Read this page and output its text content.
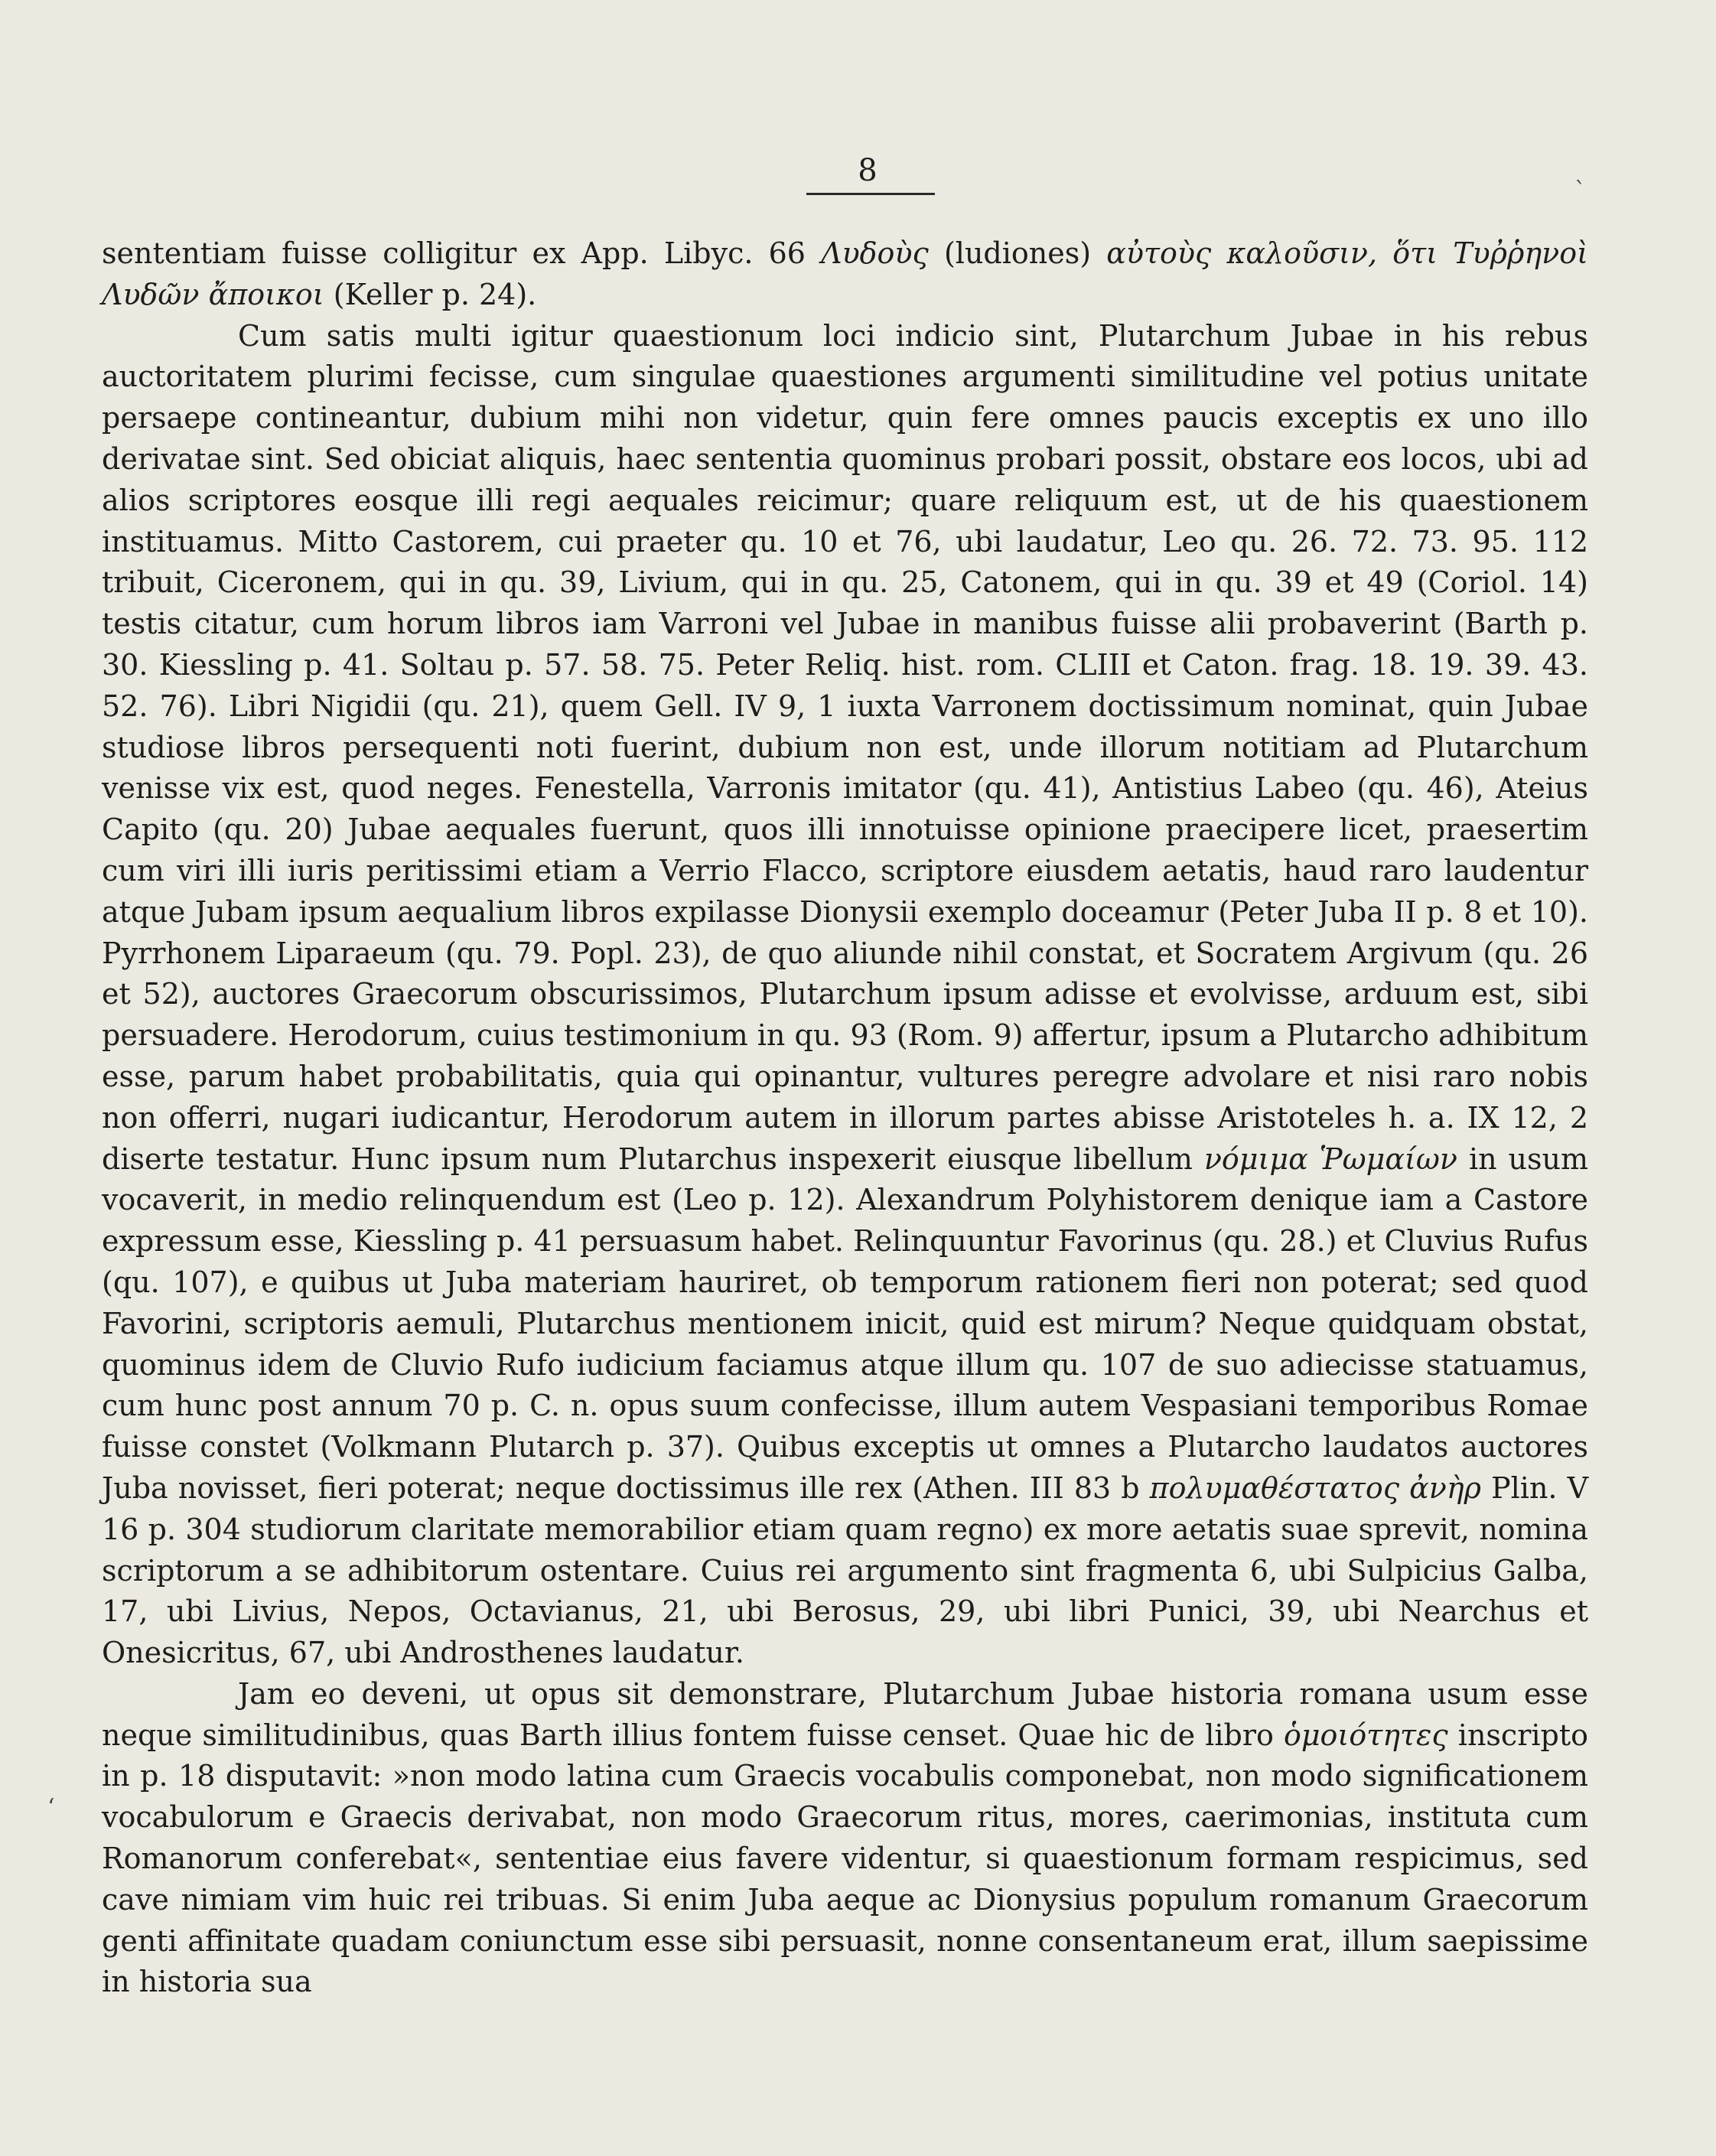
8

sententiam fuisse colligitur ex App. Libyc. 66 Λυδοὺς (ludiones) αὐτοὺς καλοῦσιν, ὅτι Τυῤῥηνοὶ Λυδῶν ἄποικοι (Keller p. 24).

Cum satis multi igitur quaestionum loci indicio sint, Plutarchum Jubae in his rebus auctoritatem plurimi fecisse, cum singulae quaestiones argumenti similitudine vel potius unitate persaepe contineantur, dubium mihi non videtur, quin fere omnes paucis exceptis ex uno illo derivatae sint. Sed obiciat aliquis, haec sententia quominus probari possit, obstare eos locos, ubi ad alios scriptores eosque illi regi aequales reicimur; quare reliquum est, ut de his quaestionem instituamus. Mitto Castorem, cui praeter qu. 10 et 76, ubi laudatur, Leo qu. 26. 72. 73. 95. 112 tribuit, Ciceronem, qui in qu. 39, Livium, qui in qu. 25, Catonem, qui in qu. 39 et 49 (Coriol. 14) testis citatur, cum horum libros iam Varroni vel Jubae in manibus fuisse alii probaverint (Barth p. 30. Kiessling p. 41. Soltau p. 57. 58. 75. Peter Reliq. hist. rom. CLIII et Caton. frag. 18. 19. 39. 43. 52. 76). Libri Nigidii (qu. 21), quem Gell. IV 9, 1 iuxta Varronem doctissimum nominat, quin Jubae studiose libros persequenti noti fuerint, dubium non est, unde illorum notitiam ad Plutarchum venisse vix est, quod neges. Fenestella, Varronis imitator (qu. 41), Antistius Labeo (qu. 46), Ateius Capito (qu. 20) Jubae aequales fuerunt, quos illi innotuisse opinione praecipere licet, praesertim cum viri illi iuris peritissimi etiam a Verrio Flacco, scriptore eiusdem aetatis, haud raro laudentur atque Jubam ipsum aequalium libros expilasse Dionysii exemplo doceamur (Peter Juba II p. 8 et 10). Pyrrhonem Liparaeum (qu. 79. Popl. 23), de quo aliunde nihil constat, et Socratem Argivum (qu. 26 et 52), auctores Graecorum obscurissimos, Plutarchum ipsum adisse et evolvisse, arduum est, sibi persuadere. Herodorum, cuius testimonium in qu. 93 (Rom. 9) affertur, ipsum a Plutarcho adhibitum esse, parum habet probabilitatis, quia qui opinantur, vultures peregre advolare et nisi raro nobis non offerri, nugari iudicantur, Herodorum autem in illorum partes abisse Aristoteles h. a. IX 12, 2 diserte testatur. Hunc ipsum num Plutarchus inspexerit eiusque libellum νόμιμα Ῥωμαίων in usum vocaverit, in medio relinquendum est (Leo p. 12). Alexandrum Polyhistorem denique iam a Castore expressum esse, Kiessling p. 41 persuasum habet. Relinquuntur Favorinus (qu. 28.) et Cluvius Rufus (qu. 107), e quibus ut Juba materiam hauriret, ob temporum rationem fieri non poterat; sed quod Favorini, scriptoris aemuli, Plutarchus mentionem inicit, quid est mirum? Neque quidquam obstat, quominus idem de Cluvio Rufo iudicium faciamus atque illum qu. 107 de suo adiecisse statuamus, cum hunc post annum 70 p. C. n. opus suum confecisse, illum autem Vespasiani temporibus Romae fuisse constet (Volkmann Plutarch p. 37). Quibus exceptis ut omnes a Plutarcho laudatos auctores Juba novisset, fieri poterat; neque doctissimus ille rex (Athen. III 83 b πολυμαθέστατος ἀνὴρ Plin. V 16 p. 304 studiorum claritate memorabilior etiam quam regno) ex more aetatis suae sprevit, nomina scriptorum a se adhibitorum ostentare. Cuius rei argumento sint fragmenta 6, ubi Sulpicius Galba, 17, ubi Livius, Nepos, Octavianus, 21, ubi Berosus, 29, ubi libri Punici, 39, ubi Nearchus et Onesicritus, 67, ubi Androsthenes laudatur.

Jam eo deveni, ut opus sit demonstrare, Plutarchum Jubae historia romana usum esse neque similitudinibus, quas Barth illius fontem fuisse censet. Quae hic de libro ὁμοιότητες inscripto in p. 18 disputavit: »non modo latina cum Graecis vocabulis componebat, non modo significationem vocabulorum e Graecis derivabat, non modo Graecorum ritus, mores, caerimonias, instituta cum Romanorum conferebat«, sententiae eius favere videntur, si quaestionum formam respicimus, sed cave nimiam vim huic rei tribuas. Si enim Juba aeque ac Dionysius populum romanum Graecorum genti affinitate quadam coniunctum esse sibi persuasit, nonne consentaneum erat, illum saepissime in historia sua

ˋ
ʻ
